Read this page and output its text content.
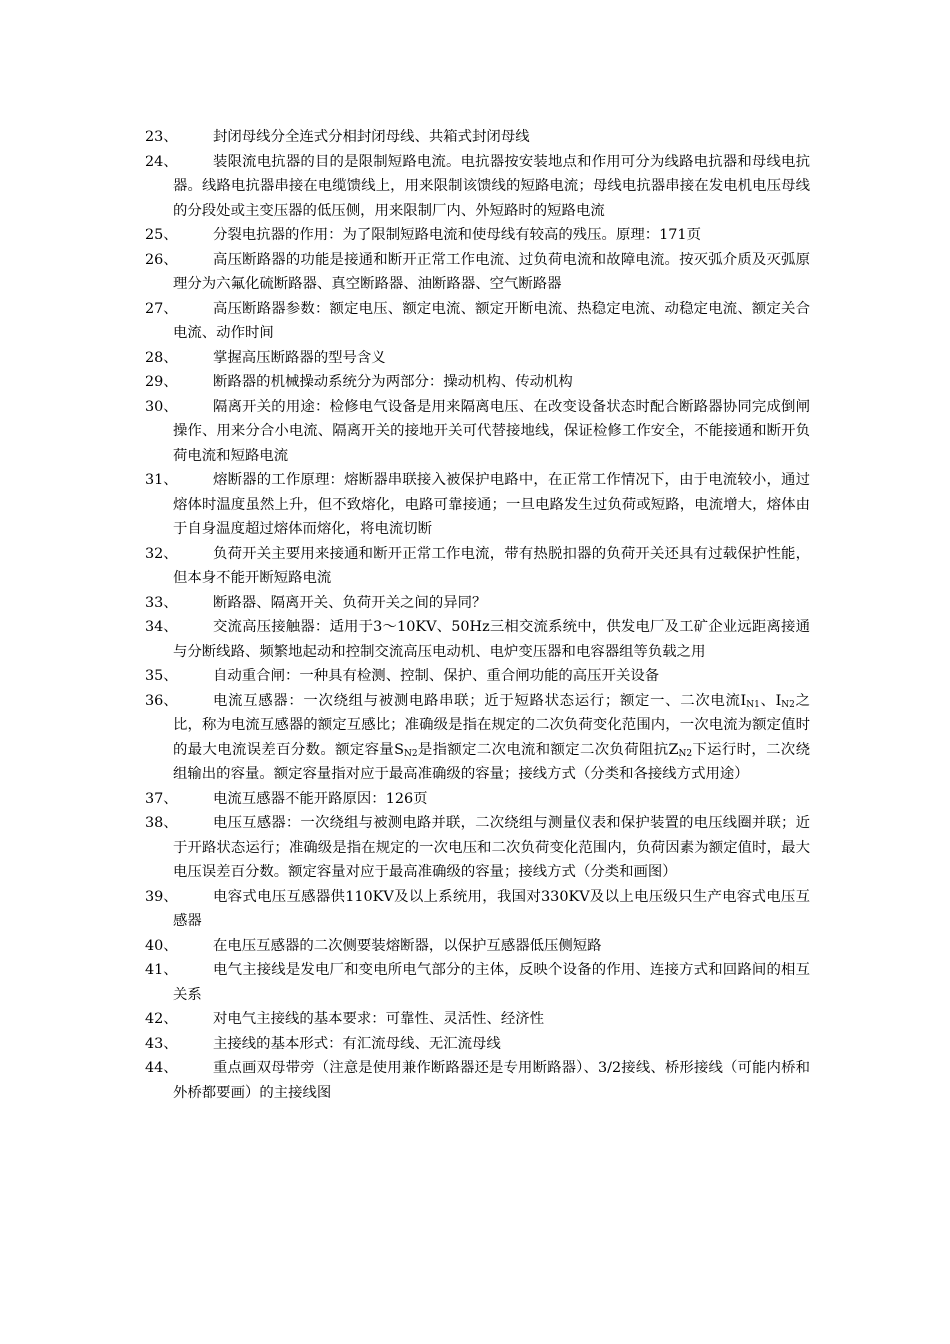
23、	封闭母线分全连式分相封闭母线、共箱式封闭母线
24、	装限流电抗器的目的是限制短路电流。电抗器按安装地点和作用可分为线路电抗器和母线电抗器。线路电抗器串接在电缆馈线上，用来限制该馈线的短路电流；母线电抗器串接在发电机电压母线的分段处或主变压器的低压侧，用来限制厂内、外短路时的短路电流
25、	分裂电抗器的作用：为了限制短路电流和使母线有较高的残压。原理：171页
26、	高压断路器的功能是接通和断开正常工作电流、过负荷电流和故障电流。按灭弧介质及灭弧原理分为六氟化硫断路器、真空断路器、油断路器、空气断路器
27、	高压断路器参数：额定电压、额定电流、额定开断电流、热稳定电流、动稳定电流、额定关合电流、动作时间
28、	掌握高压断路器的型号含义
29、	断路器的机械操动系统分为两部分：操动机构、传动机构
30、	隔离开关的用途：检修电气设备是用来隔离电压、在改变设备状态时配合断路器协同完成倒闸操作、用来分合小电流、隔离开关的接地开关可代替接地线，保证检修工作安全，不能接通和断开负荷电流和短路电流
31、	熔断器的工作原理：熔断器串联接入被保护电路中，在正常工作情况下，由于电流较小，通过熔体时温度虽然上升，但不致熔化，电路可靠接通；一旦电路发生过负荷或短路，电流增大，熔体由于自身温度超过熔体而熔化，将电流切断
32、	负荷开关主要用来接通和断开正常工作电流，带有热脱扣器的负荷开关还具有过载保护性能，但本身不能开断短路电流
33、	断路器、隔离开关、负荷开关之间的异同？
34、	交流高压接触器：适用于3～10KV、50Hz三相交流系统中，供发电厂及工矿企业远距离接通与分断线路、频繁地起动和控制交流高压电动机、电炉变压器和电容器组等负载之用
35、	自动重合闸：一种具有检测、控制、保护、重合闸功能的高压开关设备
36、	电流互感器：一次绕组与被测电路串联；近于短路状态运行；额定一、二次电流$I_{N1}$、$I_{N2}$之比，称为电流互感器的额定互感比；准确级是指在规定的二次负荷变化范围内，一次电流为额定值时的最大电流误差百分数。额定容量$S_{N2}$是指额定二次电流和额定二次负荷阻抗$Z_{N2}$下运行时，二次绕组输出的容量。额定容量指对应于最高准确级的容量；接线方式（分类和各接线方式用途）
37、	电流互感器不能开路原因：126页
38、	电压互感器：一次绕组与被测电路并联，二次绕组与测量仪表和保护装置的电压线圈并联；近于开路状态运行；准确级是指在规定的一次电压和二次负荷变化范围内，负荷因素为额定值时，最大电压误差百分数。额定容量对应于最高准确级的容量；接线方式（分类和画图）
39、	电容式电压互感器供110KV及以上系统用，我国对330KV及以上电压级只生产电容式电压互感器
40、	在电压互感器的二次侧要装熔断器，以保护互感器低压侧短路
41、	电气主接线是发电厂和变电所电气部分的主体，反映个设备的作用、连接方式和回路间的相互关系
42、	对电气主接线的基本要求：可靠性、灵活性、经济性
43、	主接线的基本形式：有汇流母线、无汇流母线
44、	重点画双母带旁（注意是使用兼作断路器还是专用断路器）、3/2接线、桥形接线（可能内桥和外桥都要画）的主接线图
